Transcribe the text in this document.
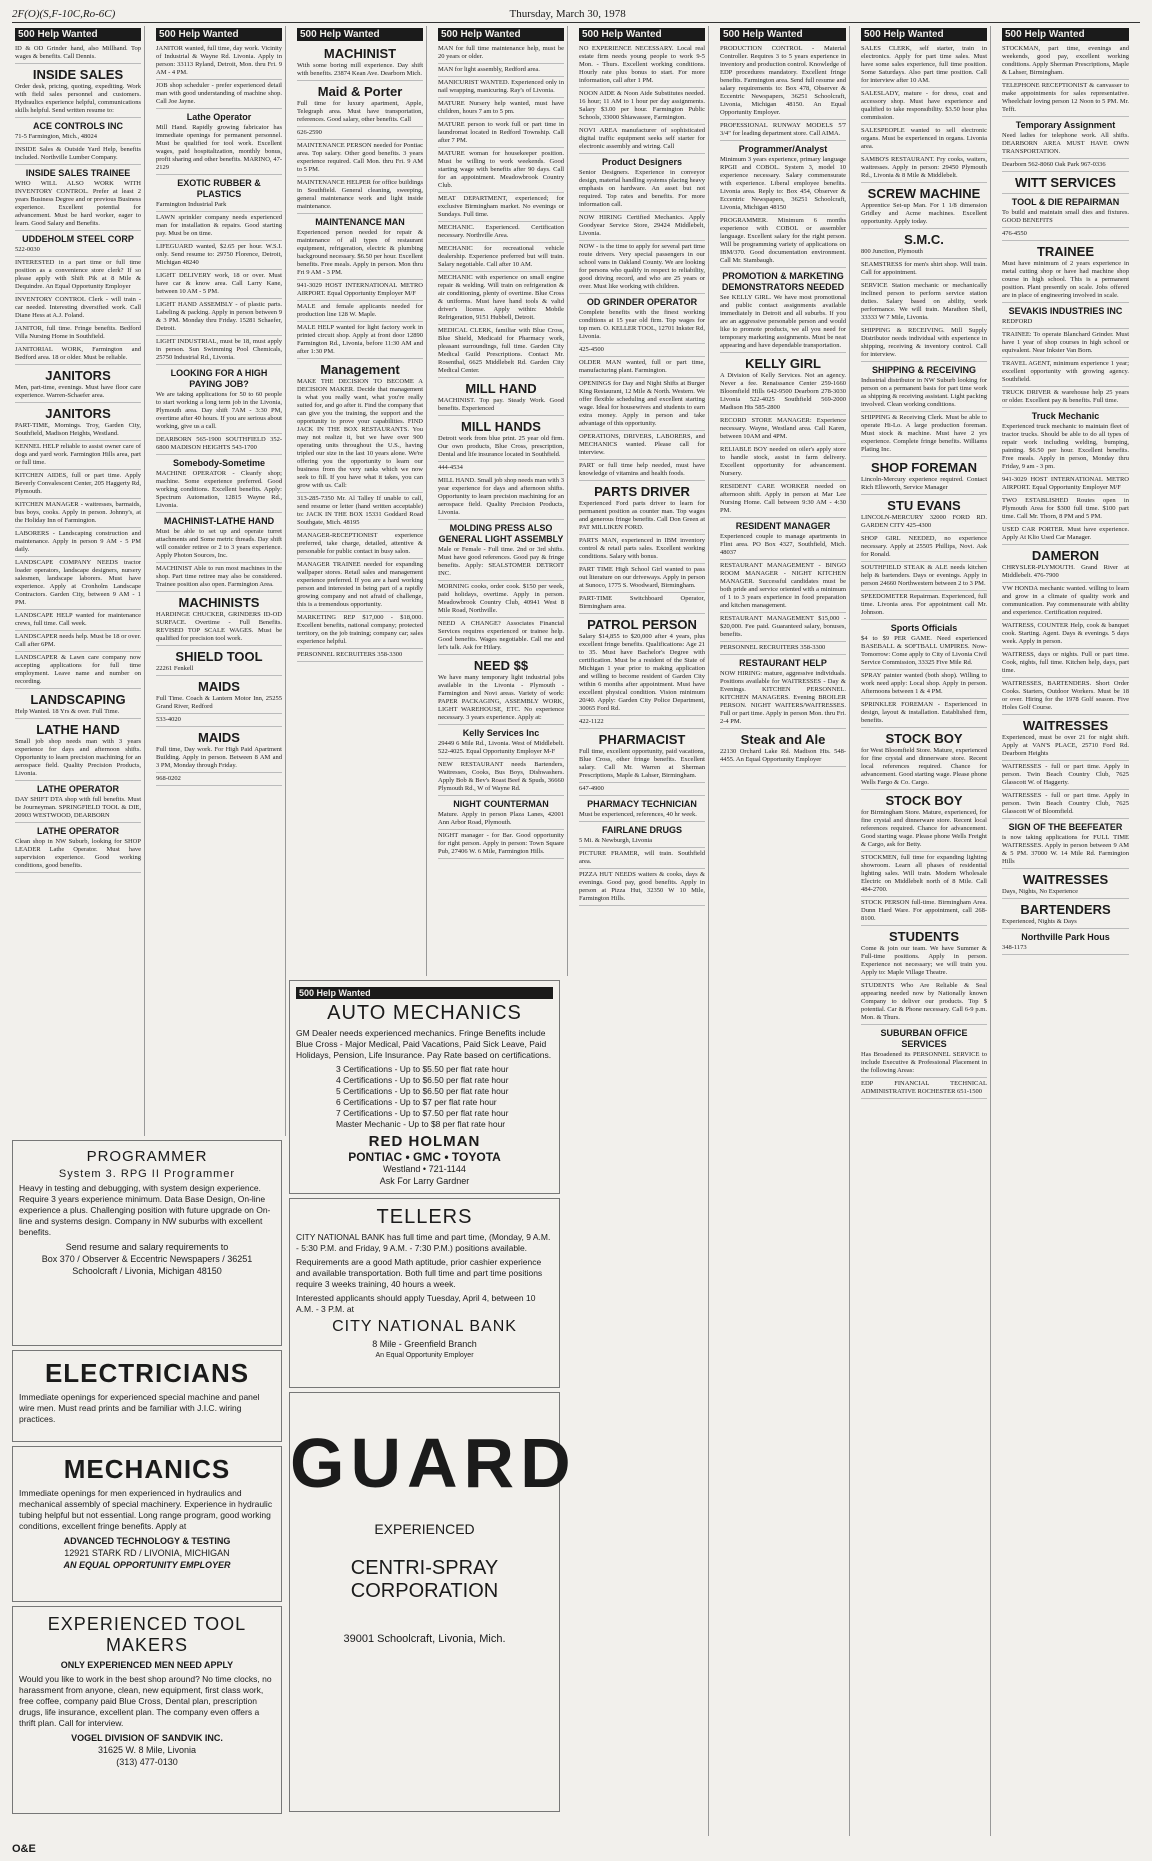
2F(O)(S,F-10C,Ro-6C)	Thursday, March 30, 1978
500 Help Wanted

ID & OD Grinder hand, also Millhand. Top wages & benefits. Call Dennis.

INSIDE SALES

Order desk, pricing, quoting, expediting. Work with field sales personnel and customers. Hydraulics experience helpful, communications skills helpful. Send written resume to:

ACE CONTROLS INC

71-5 Farmington, Mich., 48024

INSIDE Sales & Outside Yard Help, benefits included. Northville Lumber Company.

INSIDE SALES TRAINEE

WHO WILL ALSO WORK WITH INVENTORY CONTROL. Prefer at least 2 years Business Degree and or previous Business experience. Excellent potential for advancement. Must be hard worker, eager to learn. Good Salary and Benefits.

UDDEHOLM STEEL CORP

522-0030

INTERESTED in a part time or full time position as a convenience store clerk? If so please apply with Shift Pik at 8 Mile & Dequindre. An Equal Opportunity Employer

INVENTORY CONTROL Clerk - will train - car needed. Interesting diversified work. Call Diane Hess at A.J. Foland.

JANITOR, full time. Fringe benefits. Bedford Villa Nursing Home in Southfield.

JANITORIAL WORK, Farmington and Bedford area. 18 or older. Must be reliable.

JANITORS

Men, part-time, evenings. Must have floor care experience. Warren-Schaefer area.

JANITORS

PART-TIME, Mornings. Troy, Garden City, Southfield, Madison Heights, Westland.

KENNEL HELP reliable to assist owner care of dogs and yard work. Farmington Hills area, part or full time.

KITCHEN AIDES, full or part time. Apply Beverly Convalescent Center, 205 Haggerty Rd, Plymouth.

KITCHEN MANAGER - waitresses, barmaids, bus boys, cooks. Apply in person. Johnny's, at the Holiday Inn of Farmington.

LABORERS - Landscaping construction and maintenance. Apply in person 9 AM - 5 PM daily.

LANDSCAPE COMPANY NEEDS tractor loader operators, landscape designers, nursery salesmen, landscape laborers. Must have experience. Apply at Cronholm Landscape Contractors. Garden City, between 9 AM - 1 PM.

LANDSCAPE HELP wanted for maintenance crews, full time. Call week.

LANDSCAPER needs help. Must be 18 or over. Call after 6PM.

LANDSCAPER & Lawn care company now accepting applications for full time employment. Leave name and number on recording.

LANDSCAPING

Help Wanted. 18 Yrs & over. Full Time.

LATHE HAND

Small job shop needs man with 3 years experience for days and afternoon shifts. Opportunity to learn precision machining for an aerospace field. Quality Precision Products, Livonia.

LATHE OPERATOR

DAY SHIFT DTA shop with full benefits. Must be Journeyman. SPRINGFIELD TOOL & DIE, 20903 WESTWOOD, DEARBORN

LATHE OPERATOR

Clean shop in NW Suburb, looking for SHOP LEADER Lathe Operator. Must have supervision experience. Good working conditions, good benefits.

500 Help Wanted

JANITOR wanted, full time, day work. Vicinity of Industrial & Wayne Rd. Livonia. Apply in person: 33113 Ryland, Detroit, Mon. thru Fri. 9 AM - 4 PM.

JOB shop scheduler - prefer experienced detail man with good understanding of machine shop. Call Joe Jayne.

Lathe Operator

Mill Hand. Rapidly growing fabricator has immediate openings for permanent personnel. Must be qualified for tool work. Excellent wages, paid hospitalization, monthly bonus, profit sharing and other benefits. MARINO, 47-2129

EXOTIC RUBBER & PLASTICS

Farmington Industrial Park

LAWN sprinkler company needs experienced man for installation & repairs. Good starting pay. Must be on time.

LIFEGUARD wanted, $2.65 per hour. W.S.I. only. Send resume to: 29750 Florence, Detroit, Michigan 48240

LIGHT DELIVERY work, 18 or over. Must have car & know area. Call Larry Kane, between 10 AM - 5 PM.

LIGHT HAND ASSEMBLY - of plastic parts. Labeling & packing. Apply in person between 9 & 3 PM. Monday thru Friday. 15281 Schaefer, Detroit.

LIGHT INDUSTRIAL, must be 18, must apply in person. Sun Swimming Pool Chemicals, 25750 Industrial Rd., Livonia.

LOOKING FOR A HIGH PAYING JOB?

We are taking applications for 50 to 60 people to start working a long term job in the Livonia, Plymouth area. Day shift 7AM - 3:30 PM, overtime after 40 hours. If you are serious about working, give us a call.

DEARBORN 565-1900 SOUTHFIELD 352-6800 MADISON HEIGHTS 543-1700

Somebody-Sometime

MACHINE OPERATOR - Cleanfy shop; machine. Some experience preferred. Good working conditions. Excellent benefits. Apply: Spectrum Automation, 12815 Wayne Rd., Livonia.

MACHINIST-LATHE HAND

Must be able to set up and operate turret attachments and Some metric threads. Day shift will consider retiree or 2 to 3 years experience. Apply Photon Sources, Inc.

MACHINIST Able to run most machines in the shop. Part time retiree may also be considered. Trainee position also open. Farmington Area.

MACHINISTS

HARDINGE CHUCKER, GRINDERS ID-OD SURFACE. Overtime - Full Benefits. REVISED TOP SCALE WAGES. Must be qualified for precision tool work.

SHIELD TOOL

22261 Fenkell

MAIDS

Full Time. Coach & Lantern Motor Inn, 25255 Grand River, Redford

533-4020

MAIDS

Full time, Day work. For High Paid Apartment Building. Apply in person. Between 8 AM and 3 PM, Monday through Friday.

968-0202

500 Help Wanted
MACHINIST

With some boring mill experience. Day shift with benefits. 23874 Kean Ave. Dearborn Mich.

Maid & Porter

Full time for luxury apartment, Apple, Telegraph area. Must have transportation, references. Good salary, other benefits. Call

626-2590

MAINTENANCE PERSON needed for Pontiac area. Top salary. Other good benefits. 3 years experience required. Call Mon. thru Fri. 9 AM to 5 PM.

MAINTENANCE HELPER for office buildings in Southfield. General cleaning, sweeping, general maintenance work and light inside maintenance.

MAINTENANCE MAN

Experienced person needed for repair & maintenance of all types of restaurant equipment, refrigeration, electric & plumbing background necessary. $6.50 per hour. Excellent benefits. Free meals. Apply in person. Mon thru Fri 9 AM - 3 PM.

941-3029 HOST INTERNATIONAL METRO AIRPORT. Equal Opportunity Employer M/F

MALE and female applicants needed for production line 128 W. Maple.

MALE HELP wanted for light factory work in printed circuit shop. Apply at front door 12890 Farmington Rd., Livonia, before 11:30 AM and after 1:30 PM.

Management

MAKE THE DECISION TO BECOME A DECISION MAKER. Decide that management is what you really want, what you're really suited for, and go after it. Find the company that can give you the training, the support and the opportunity to prove your capabilities. FIND JACK IN THE BOX RESTAURANTS. You may not realize it, but we have over 900 operating units throughout the U.S., having tripled our size in the last 10 years alone. We're offering you the opportunity to learn our business from the very ranks which we now seek to fill. If you have what it takes, you can grow with us. Call:

313-285-7350 Mr. Al Talley If unable to call, send resume or letter (hand written acceptable) to: JACK IN THE BOX 15331 Goddard Road Southgate, Mich. 48195

MANAGER-RECEPTIONIST experience preferred, take charge, detailed, attentive & personable for public contact in busy salon.

MANAGER TRAINEE needed for expanding wallpaper stores. Retail sales and management experience preferred. If you are a hard working person and interested in being part of a rapidly growing company and not afraid of challenge, this is a tremendous opportunity.

MARKETING REP $17,000 - $18,000. Excellent benefits, national company; protected territory, on the job training; company car; sales experience helpful.

PERSONNEL RECRUITERS 358-3300

500 Help Wanted

MAN for full time maintenance help, must be 20 years or older.

MAN for light assembly, Redford area.

MANICURIST WANTED. Experienced only in nail wrapping, manicuring. Ray's of Livonia.

MATURE Nursery help wanted, must have children, hours 7 am to 5 pm.

MATURE person to work full or part time in laundromat located in Redford Township. Call after 7 PM.

MATURE woman for housekeeper position. Must be willing to work weekends. Good starting wage with benefits after 90 days. Call for an appointment. Meadowbrook Country Club.

MEAT DEPARTMENT, experienced; for exclusive Birmingham market. No evenings or Sundays. Full time.

MECHANIC. Experienced. Certification necessary. Northville Area.

MECHANIC for recreational vehicle dealership. Experience preferred but will train. Salary negotiable. Call after 10 AM.

MECHANIC with experience on small engine repair & welding. Will train on refrigeration & air conditioning, plenty of overtime. Blue Cross & uniforms. Must have hand tools & valid driver's license. Apply within: Mobile Refrigeration, 9151 Hubbell, Detroit.

MEDICAL CLERK, familiar with Blue Cross, Blue Shield, Medicaid for Pharmacy work, pleasant surroundings, full time. Garden City Medical Guild Prescriptions. Contact Mr. Rosenthal, 6625 Middlebelt Rd. Garden City Medical Center.

MILL HAND

MACHINIST. Top pay. Steady Work. Good benefits. Experienced

MILL HANDS

Detroit work from blue print. 25 year old firm. Our own products, Blue Cross, prescription, Dental and life insurance located in Southfield.

444-4534

MILL HAND. Small job shop needs man with 3 year experience for days and afternoon shifts. Opportunity to learn precision machining for an aerospace field. Quality Precision Products, Livonia.

MOLDING PRESS ALSO GENERAL LIGHT ASSEMBLY

Male or Female - Full time. 2nd or 3rd shifts. Must have good references. Good pay & fringe benefits. Apply: SEALSTOMER DETROIT INC.

MORNING cooks, order cook. $150 per week, paid holidays, overtime. Apply in person. Meadowbrook Country Club, 40941 West 8 Mile Road, Northville.

NEED A CHANGE? Associates Financial Services requires experienced or trainee help. Good benefits. Wages negotiable. Call me and let's talk. Ask for Hilary.

NEED $$

We have many temporary light industrial jobs available in the Livonia - Plymouth - Farmington and Novi areas. Variety of work: PAPER PACKAGING, ASSEMBLY WORK, LIGHT WAREHOUSE, ETC. No experience necessary. 3 years experience. Apply at:

Kelly Services Inc

29449 6 Mile Rd., Livonia. West of Middlebelt. 522-4025. Equal Opportunity Employer M-F

NEW RESTAURANT needs Bartenders, Waitresses, Cooks, Bus Boys, Dishwashers. Apply Bob & Bev's Roast Beef & Spuds, 36660 Plymouth Rd., W of Wayne Rd.

NIGHT COUNTERMAN

Mature. Apply in person Plaza Lanes, 42001 Ann Arbor Road, Plymouth.

NIGHT manager - for Bar. Good opportunity for right person. Apply in person: Town Square Pub, 27406 W. 6 Mile, Farmington Hills.

500 Help Wanted

NO EXPERIENCE NECESSARY. Local real estate firm needs young people to work 9-5 Mon. - Thurs. Excellent working conditions. Hourly rate plus bonus to start. For more information, call after 1 PM.

NOON AIDE & Noon Aide Substitutes needed. 16 hour; 11 AM to 1 hour per day assignments. Salary $3.00 per hour. Farmington Public Schools, 33000 Shiawassee, Farmington.

NOVI AREA manufacturer of sophisticated digital traffic equipment seeks self starter for electronic assembly and wiring. Call

Product Designers

Senior Designers. Experience in conveyor design, material handling systems placing heavy emphasis on hardware. An asset but not required. Top rates and benefits. For more information call.

NOW HIRING Certified Mechanics. Apply Goodyear Service Store, 29424 Middlebelt, Livonia.

NOW - is the time to apply for several part time route drivers. Very special passengers in our school vans in Oakland County. We are looking for persons who qualify in respect to reliability, good driving record, and who are 25 years or over. Must like working with children.

OD GRINDER OPERATOR

Complete benefits with the finest working conditions at 15 year old firm. Top wages for top men. O. KELLER TOOL, 12701 Inkster Rd, Livonia.

425-4500

OLDER MAN wanted, full or part time, manufacturing plant. Farmington.

OPENINGS for Day and Night Shifts at Burger King Restaurant, 12 Mile & North. Western. We offer flexible scheduling and excellent starting wage. Ideal for housewives and students to earn extra money. Apply in person and take advantage of this opportunity.

OPERATIONS, DRIVERS, LABORERS, and MECHANICS wanted. Please call for interview.

PART or full time help needed, must have knowledge of vitamins and health foods.

PARTS DRIVER

Experienced Ford parts driver to learn for permanent position as counter man. Top wages and generous fringe benefits. Call Don Green at PAT MILLIKEN FORD.

PARTS MAN, experienced in IBM inventory control & retail parts sales. Excellent working conditions. Salary with bonus.

PART TIME High School Girl wanted to pass out literature on our driveways. Apply in person at Sunoco, 1775 S. Woodward, Birmingham.

PART-TIME Switchboard Operator, Birmingham area.

PATROL PERSON

Salary $14,855 to $20,000 after 4 years, plus excellent fringe benefits. Qualifications: Age 21 to 35. Must have Bachelor's Degree with certification. Must be a resident of the State of Michigan 1 year prior to making application and willing to become resident of Garden City within 6 months after appointment. Must have excellent physical condition. Vision minimum 20/40. Apply: Garden City Police Department, 30065 Ford Rd.

422-1122

PHARMACIST

Full time, excellent opportunity, paid vacations, Blue Cross, other fringe benefits. Excellent salary. Call Mr. Warren at Sherman Prescriptions, Maple & Lahser, Birmingham.

647-4900

PHARMACY TECHNICIAN

Must be experienced, references, 40 hr week.

FAIRLANE DRUGS

5 Mi. & Newburgh, Livonia

PICTURE FRAMER, will train. Southfield area.

PIZZA HUT NEEDS waiters & cooks, days & evenings. Good pay, good benefits. Apply in person at Pizza Hut, 32350 W 10 Mile, Farmington Hills.

500 Help Wanted

PRODUCTION CONTROL - Material Controller. Requires 3 to 5 years experience in inventory and production control. Knowledge of EDP procedures mandatory. Excellent fringe benefits. Farmington area. Send full resume and salary requirements to: Box 478, Observer & Eccentric Newspapers, 36251 Schoolcraft, Livonia, Michigan 48150. An Equal Opportunity Employer.

PROFESSIONAL RUNWAY MODELS 5'7 3/4" for leading department store. Call AIMA.

Programmer/Analyst

Minimum 3 years experience, primary language RPGII and COBOL. System 3, model 10 experience necessary. Salary commensurate with experience. Liberal employee benefits. Livonia area. Reply to: Box 454, Observer & Eccentric Newspapers, 36251 Schoolcraft, Livonia, Michigan 48150

PROGRAMMER. Minimum 6 months experience with COBOL or assembler language. Excellent salary for the right person. Will be programming variety of applications on IBM/370. Good documentation environment. Call Mr. Stambaugh.

PROMOTION & MARKETING DEMONSTRATORS NEEDED

See KELLY GIRL. We have most promotional and public contact assignments available immediately in Detroit and all suburbs. If you are an aggressive personable person and would like to promote products, we all you need for temporary marketing assignments. Must be neat appearing and have dependable transportation.

KELLY GIRL

A Division of Kelly Services. Not an agency. Never a fee. Renaissance Center 259-1660 Bloomfield Hills 642-9500 Dearborn 278-3030 Livonia 522-4025 Southfield 569-2000 Madison Hts 585-2800

RECORD STORE MANAGER: Experience necessary. Wayne, Westland area. Call Karen, between 10AM and 4PM.

RELIABLE BOY needed on oiler's apply store to handle stock, assist in farm delivery. Excellent opportunity for advancement. Nursery.

RESIDENT CARE WORKER needed on afternoon shift. Apply in person at Mar Lee Nursing Home. Call between 9:30 AM - 4:30 PM.

RESIDENT MANAGER

Experienced couple to manage apartments in Flint area. PO Box 4327, Southfield, Mich. 48037

RESTAURANT MANAGEMENT - BINGO ROOM MANAGER - NIGHT KITCHEN MANAGER. Successful candidates must be both pride and service oriented with a minimum of 1 to 3 years experience in food preparation and kitchen management.

RESTAURANT MANAGEMENT $15,000 - $20,000. Fee paid. Guaranteed salary, bonuses, benefits.

PERSONNEL RECRUITERS 358-3300

RESTAURANT HELP

NOW HIRING: mature, aggressive individuals. Positions available for WAITRESSES - Day & Evenings. KITCHEN PERSONNEL. KITCHEN MANAGERS. Evening BROILER PERSON. NIGHT WAITERS/WAITRESSES. Full or part time. Apply in person Mon. thru Fri. 2-4 PM.

Steak and Ale

22130 Orchard Lake Rd. Madison Hts. 548-4455. An Equal Opportunity Employer

500 Help Wanted

SALES CLERK, self starter, train in electronics. Apply for part time sales. Must have some sales experience, full time position. Some Saturdays. Also part time position. Call for interview after 10 AM.

SALESLADY, mature - for dress, coat and accessory shop. Must have experience and qualified to take responsibility. $3.50 hour plus commission.

SALESPEOPLE wanted to sell electronic organs. Must be experienced in organs. Livonia area.

SAMBO'S RESTAURANT. Fry cooks, waiters, waitresses. Apply in person: 29450 Plymouth Rd., Livonia & 8 Mile & Middlebelt.

SCREW MACHINE

Apprentice Set-up Man. For 1 1/8 dimension Gridley and Acme machines. Excellent opportunity. Apply today.

S.M.C.

800 Junction, Plymouth

SEAMSTRESS for men's shirt shop. Will train. Call for appointment.

SERVICE Station mechanic or mechanically inclined person to perform service station duties. Salary based on ability, work performance. We will train. Marathon Shell, 33333 W 7 Mile, Livonia.

SHIPPING & RECEIVING. Mill Supply Distributor needs individual with experience in shipping, receiving & inventory control. Call for interview.

SHIPPING & RECEIVING

Industrial distributor in NW Suburb looking for person on a permanent basis for part time work as shipping & receiving assistant. Light packing involved. Clean working conditions.

SHIPPING & Receiving Clerk. Must be able to operate Hi-Lo. A large production foreman. Must stock & machine. Must have 2 yrs experience. Complete fringe benefits. Williams Plating Inc.

SHOP FOREMAN

Lincoln-Mercury experience required. Contact Rich Ellsworth, Service Manager

STU EVANS

LINCOLN-MERCURY 32000 FORD RD. GARDEN CITY 425-4300

SHOP GIRL NEEDED, no experience necessary. Apply at 25505 Phillips, Novi. Ask for Ronald.

SOUTHFIELD STEAK & ALE needs kitchen help & bartenders. Days or evenings. Apply in person 24660 Northwestern between 2 to 3 PM.

SPEEDOMETER Repairman. Experienced, full time. Livonia area. For appointment call Mr. Johnson.

Sports Officials

$4 to $9 PER GAME. Need experienced BASEBALL & SOFTBALL UMPIRES. Now-Tomorrow: Come apply to City of Livonia Civil Service Commission, 33325 Five Mile Rd.

SPRAY painter wanted (both shop). Willing to work need apply: Local shop. Apply in person. Afternoons between 1 & 4 PM.

SPRINKLER FOREMAN - Experienced in design, layout & installation. Established firm, benefits.

STOCK BOY

for West Bloomfield Store. Mature, experienced for fine crystal and dinnerware store. Recent local references required. Chance for advancement. Good starting wage. Please phone Wells Fargo & Co. Cargo.

STOCK BOY

for Birmingham Store. Mature, experienced, for fine crystal and dinnerware store. Recent local references required. Chance for advancement. Good starting wage. Please phone Wells Freight & Cargo, ask for Betty.

STOCKMEN, full time for expanding lighting showroom. Learn all phases of residential lighting sales. Will train. Modern Wholesale Electric on Middlebelt north of 8 Mile. Call 484-2700.

STOCK PERSON full-time. Birmingham Area. Dunn Hard Ware. For appointment, call 268-8100.

STUDENTS

Come & join our team. We have Summer & Full-time positions. Apply in person. Experience not necessary; we will train you. Apply to: Maple Village Theatre.

STUDENTS Who Are Reliable & Seal appearing needed now by Nationally known Company to deliver our products. Top $ potential. Car & Phone necessary. Call 6-9 p.m. Mon. & Thurs.

SUBURBAN OFFICE SERVICES

Has Broadened its PERSONNEL SERVICE to include Executive & Professional Placement in the following Areas:

EDP FINANCIAL TECHNICAL ADMINISTRATIVE ROCHESTER 651-1500

500 Help Wanted

STOCKMAN, part time, evenings and weekends, good pay, excellent working conditions. Apply Sherman Prescriptions, Maple & Lahser, Birmingham.

TELEPHONE RECEPTIONIST & canvasser to make appointments for sales representative. Wheelchair loving person 12 Noon to 5 PM. Mr. Tefft.

Temporary Assignment

Need ladies for telephone work. All shifts. DEARBORN AREA MUST HAVE OWN TRANSPORTATION.

Dearborn 562-8060 Oak Park 967-0336

WITT SERVICES
TOOL & DIE REPAIRMAN

To build and maintain small dies and fixtures. GOOD BENEFITS

476-4550

TRAINEE

Must have minimum of 2 years experience in metal cutting shop or have had machine shop course in high school. This is a permanent position. Plant presently on scale. Jobs offered are in place of engineering involved in scale.

SEVAKIS INDUSTRIES INC

REDFORD

TRAINEE: To operate Blanchard Grinder. Must have 1 year of shop courses in high school or equivalent. Near Inkster Van Born.

TRAVEL AGENT, minimum experience 1 year; excellent opportunity with growing agency. Southfield.

TRUCK DRIVER & warehouse help 25 years or older. Excellent pay & benefits. Full time.

Truck Mechanic

Experienced truck mechanic to maintain fleet of tractor trucks. Should be able to do all types of repair work including welding, bumping, painting. $6.50 per hour. Excellent benefits. Free meals. Apply in person, Monday thru Friday, 9 am - 3 pm.

941-3029 HOST INTERNATIONAL METRO AIRPORT. Equal Opportunity Employer M/F

TWO ESTABLISHED Routes open in Plymouth Area for $300 full time. $100 part time. Call Mr. Thorn, 8 PM and 5 PM.

USED CAR PORTER. Must have experience. Apply At Klio Used Car Manager.

DAMERON

CHRYSLER-PLYMOUTH. Grand River at Middlebelt. 476-7900

VW HONDA mechanic wanted. willing to learn and grow in a climate of quality work and communication. Pay commensurate with ability and experience. Certification required.

WAITRESS, COUNTER Help, cook & banquet cook. Starting. Agent. Days & evenings. 5 days week. Apply in person.

WAITRESS, days or nights. Full or part time. Cook, nights, full time. Kitchen help, days, part time.

WAITRESSES, BARTENDERS. Short Order Cooks. Starters, Outdoor Workers. Must be 18 or over. Hiring for the 1978 Golf season. Five Holes Golf Course.

WAITRESSES

Experienced, must be over 21 for night shift. Apply at VAN'S PLACE, 25710 Ford Rd. Dearborn Heights

WAITRESSES - full or part time. Apply in person. Twin Beach Country Club, 7625 Glasscott W. of Haggerty.

WAITRESSES - full or part time. Apply in person. Twin Beach Country Club, 7625 Glasscott W of Bloomfield.

SIGN OF THE BEEFEATER

is now taking applications for FULL TIME WAITRESSES. Apply in person between 9 AM & 5 PM. 37000 W. 14 Mile Rd. Farmington Hills

WAITRESSES

Days, Nights, No Experience

BARTENDERS

Experienced, Nights & Days

Northville Park Hous

348-1173

PROGRAMMER
System 3. RPG II Programmer
Heavy in testing and debugging, with system design experience. Require 3 years experience minimum. Data Base Design, On-line experience a plus. Challenging position with future upgrade on On-line and systems design. Company in NW suburbs with excellent benefits.
Send resume and salary requirements to
Box 370 / Observer & Eccentric Newspapers / 36251 Schoolcraft / Livonia, Michigan 48150
ELECTRICIANS
Immediate openings for experienced special machine and panel wire men. Must read prints and be familiar with J.I.C. wiring practices.
MECHANICS
Immediate openings for men experienced in hydraulics and mechanical assembly of special machinery. Experience in hydraulic tubing helpful but not essential. Long range program, good working conditions, excellent fringe benefits. Apply at
ADVANCED TECHNOLOGY & TESTING
12921 STARK RD / LIVONIA, MICHIGAN
AN EQUAL OPPORTUNITY EMPLOYER
EXPERIENCED TOOL MAKERS
ONLY EXPERIENCED MEN NEED APPLY
Would you like to work in the best shop around? No time clocks, no harassment from anyone, clean, new equipment, first class work, free coffee, company paid Blue Cross, Dental plan, prescription drugs, life insurance, excellent plan. The company even offers a thrift plan. Call for interview.
VOGEL DIVISION OF SANDVIK INC.
31625 W. 8 Mile, Livonia
(313) 477-0130
500 Help Wanted
AUTO MECHANICS
GM Dealer needs experienced mechanics. Fringe Benefits include Blue Cross - Major Medical, Paid Vacations, Paid Sick Leave, Paid Holidays, Pension, Life Insurance. Pay Rate based on certifications.
3 Certifications - Up to $5.50 per flat rate hour
4 Certifications - Up to $6.50 per flat rate hour
5 Certifications - Up to $6.50 per flat rate hour
6 Certifications - Up to $7 per flat rate hour
7 Certifications - Up to $7.50 per flat rate hour
Master Mechanic - Up to $8 per flat rate hour
RED HOLMAN
PONTIAC • GMC • TOYOTA
Westland • 721-1144
Ask For Larry Gardner
TELLERS
CITY NATIONAL BANK has full time and part time, (Monday, 9 A.M. - 5:30 P.M. and Friday, 9 A.M. - 7:30 P.M.) positions available.
Requirements are a good Math aptitude, prior cashier experience and available transportation. Both full time and part time positions require 3 weeks training, 40 hours a week.
Interested applicants should apply Tuesday, April 4, between 10 A.M. - 3 P.M. at
CITY NATIONAL BANK
8 Mile - Greenfield Branch
An Equal Opportunity Employer
GUARD
EXPERIENCED
CENTRI-SPRAY
CORPORATION
39001 Schoolcraft, Livonia, Mich.
O&E
